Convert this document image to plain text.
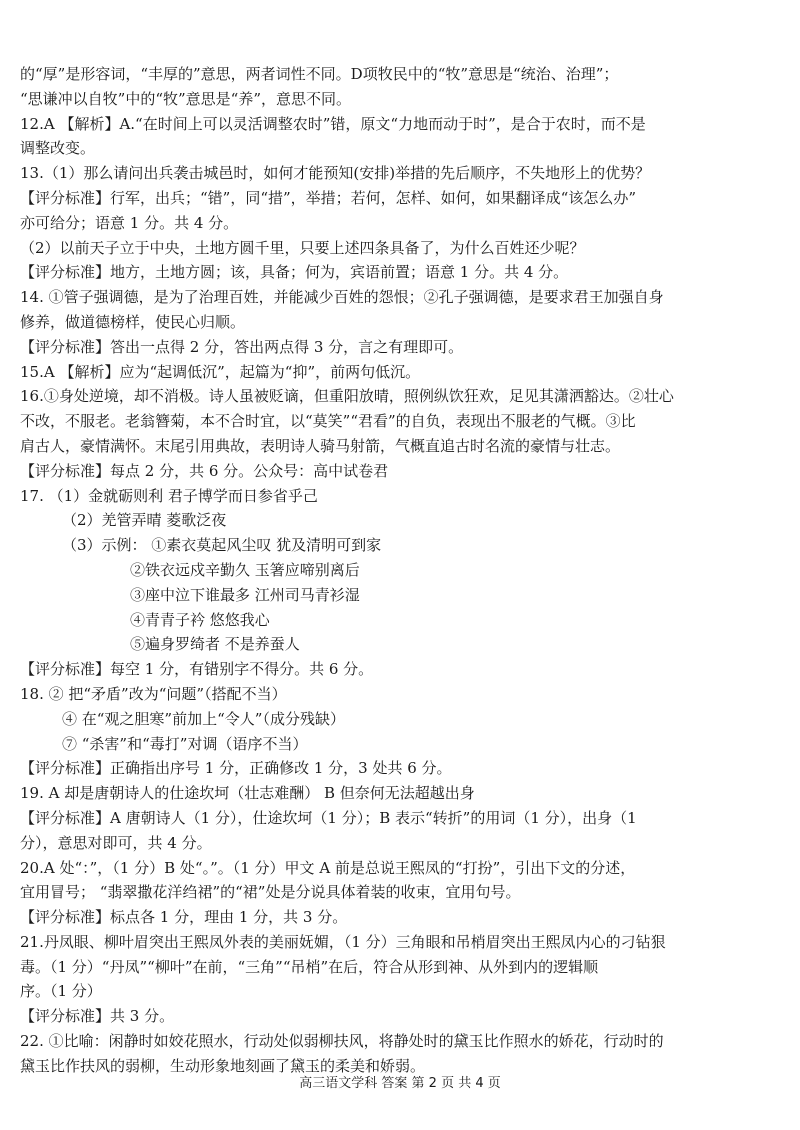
的“厚”是形容词，“丰厚的”意思，两者词性不同。D项牧民中的“牧”意思是“统治、治理”；
“思谦冲以自牧”中的“牧”意思是“养”，意思不同。
12.A 【解析】A.“在时间上可以灵活调整农时”错，原文“力地而动于时”，是合于农时，而不是
调整改变。
13.（1）那么请问出兵袭击城邑时，如何才能预知(安排)举措的先后顺序，不失地形上的优势？
【评分标准】行军，出兵；“错”，同“措”，举措；若何，怎样、如何，如果翻译成“该怎么办”
亦可给分；语意 1 分。共 4 分。
（2）以前天子立于中央，土地方圆千里，只要上述四条具备了，为什么百姓还少呢？
【评分标准】地方，土地方圆；该，具备；何为，宾语前置；语意 1 分。共 4 分。
14. ①管子强调德，是为了治理百姓，并能减少百姓的怨恨；②孔子强调德，是要求君王加强自身
修养，做道德榜样，使民心归顺。
【评分标准】答出一点得 2 分，答出两点得 3 分，言之有理即可。
15.A 【解析】应为“起调低沉”，起篇为“抑”，前两句低沉。
16.①身处逆境，却不消极。诗人虽被贬谪，但重阳放晴，照例纵饮狂欢，足见其潇洒豁达。②壮心
不改，不服老。老翁簪菊，本不合时宜，以“莫笑”“君看”的自负，表现出不服老的气概。③比
肩古人，豪情满怀。末尾引用典故，表明诗人骑马射箭，气概直追古时名流的豪情与壮志。
【评分标准】每点 2 分，共 6 分。公众号：高中试卷君
17. （1）金就砺则利 君子博学而日参省乎己
（2）羌管弄晴 菱歌泛夜
（3）示例： ①素衣莫起风尘叹 犹及清明可到家
②铁衣远戍辛勤久 玉箸应啼别离后
③座中泣下谁最多 江州司马青衫湿
④青青子衿 悠悠我心
⑤遍身罗绮者 不是养蚕人
【评分标准】每空 1 分，有错别字不得分。共 6 分。
18. ② 把“矛盾”改为“问题”（搭配不当）
④ 在“观之胆寒”前加上“令人”（成分残缺）
⑦ “杀害”和“毒打”对调（语序不当）
【评分标准】正确指出序号 1 分，正确修改 1 分，3 处共 6 分。
19. A 却是唐朝诗人的仕途坎坷（壮志难酬） B 但奈何无法超越出身
【评分标准】A 唐朝诗人（1 分），仕途坎坷（1 分）；B 表示“转折”的用词（1 分），出身（1
分），意思对即可，共 4 分。
20.A 处“：”，（1 分）B 处“。”。（1 分）甲文 A 前是总说王熙凤的“打扮”，引出下文的分述，
宜用冒号； “翡翠撒花洋绉裙”的“裙”处是分说具体着装的收束，宜用句号。
【评分标准】标点各 1 分，理由 1 分，共 3 分。
21.丹凤眼、柳叶眉突出王熙凤外表的美丽妩媚，（1 分）三角眼和吊梢眉突出王熙凤内心的刁钻狠
毒。（1 分）“丹凤”“柳叶”在前，“三角”“吊梢”在后，符合从形到神、从外到内的逻辑顺
序。（1 分）
【评分标准】共 3 分。
22. ①比喻：闲静时如姣花照水，行动处似弱柳扶风，将静处时的黛玉比作照水的娇花，行动时的
黛玉比作扶风的弱柳，生动形象地刻画了黛玉的柔美和娇弱。
高三语文学科 答案 第 2 页 共 4 页
